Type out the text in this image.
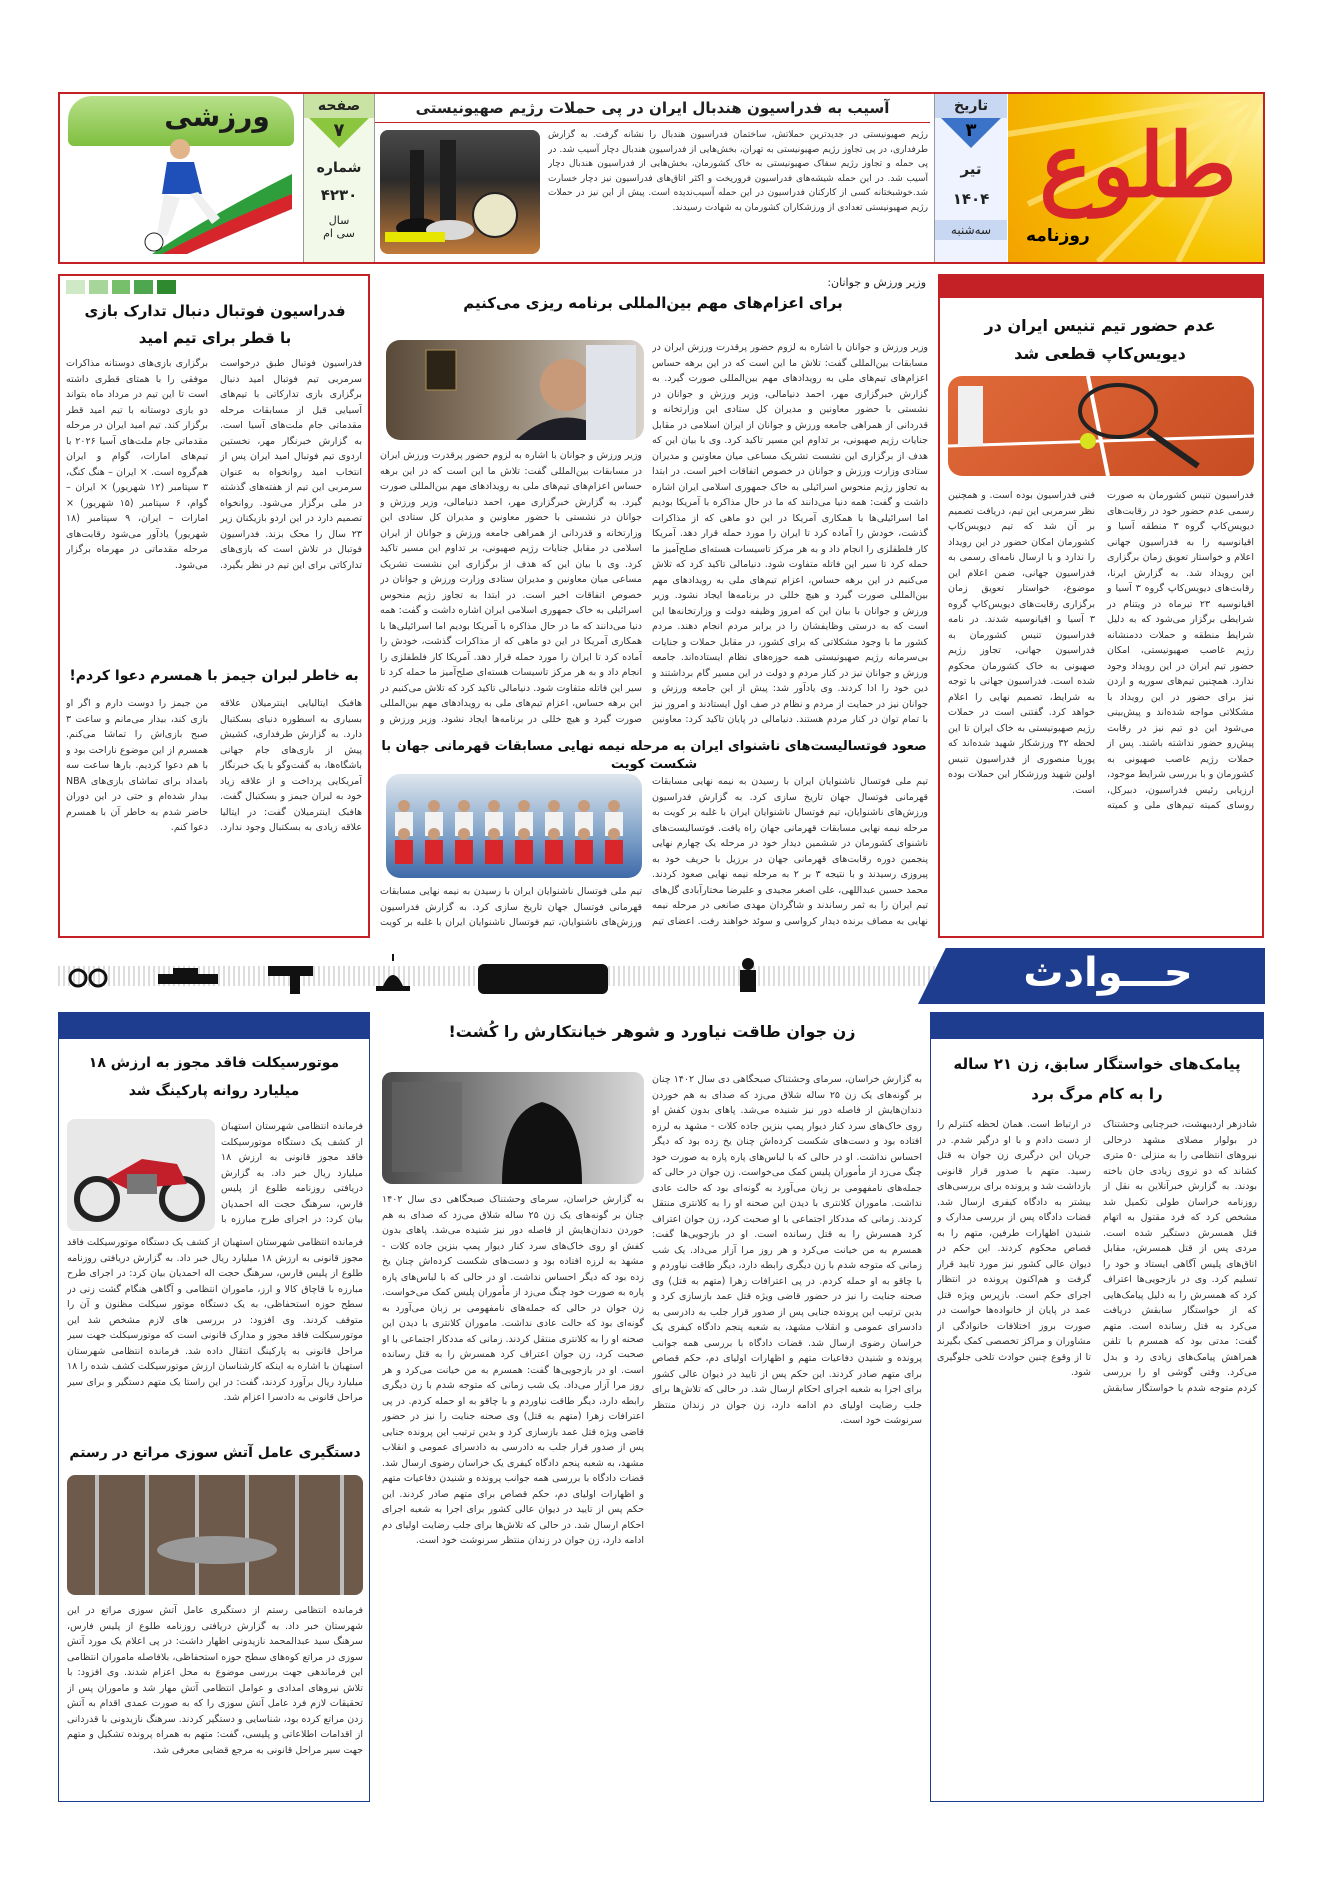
طلوع
روزنامه
تاریخ
۳
تیر
۱۴۰۴
سه‌شنبه
آسیب به فدراسیون هندبال ایران در پی حملات رژیم صهیونیستی
رژیم صهیونیستی در جدیدترین حملاتش، ساختمان فدراسیون هندبال را نشانه گرفت. به گزارش طرفداری، در پی تجاوز رژیم صهیونیستی به تهران، بخش‌هایی از فدراسیون هندبال دچار آسیب شد. در پی حمله و تجاوز رژیم سفاک صهیونیستی به خاک کشورمان، بخش‌هایی از فدراسیون هندبال دچار آسیب شد. در این حمله شیشه‌های فدراسیون فروریخت و اکثر اتاق‌های فدراسیون نیز دچار خسارت شد.خوشبختانه کسی از کارکنان فدراسیون در این حمله آسیب‌ندیده است. پیش از این نیز در حملات رژیم صهیونیستی تعدادی از ورزشکاران کشورمان به شهادت رسیدند.
صفحه
۷
شماره
۴۲۳۰
سال
سی ام
ورزشی
عدم حضور تیم تنیس ایران در دیویس‌کاپ قطعی شد
فدراسیون تنیس کشورمان به صورت رسمی عدم حضور خود در رقابت‌های دیویس‌کاپ گروه ۳ منطقه آسیا و اقیانوسیه را به فدراسیون جهانی اعلام و خواستار تعویق زمان برگزاری این رویداد شد. به گزارش ایرنا، رقابت‌های دیویس‌کاپ گروه ۳ آسیا و اقیانوسیه ۲۳ تیرماه در ویتنام در شرایطی برگزار می‌شود که به دلیل شرایط منطقه و حملات دد‌منشانه رژیم غاصب صهیونیستی، امکان حضور تیم ایران در این رویداد وجود ندارد. همچنین تیم‌های سوریه و اردن نیز برای حضور در این رویداد با مشکلاتی مواجه شده‌اند و پیش‌بینی می‌شود این دو تیم نیز در رقابت پیش‌رو حضور نداشته باشند. پس از حملات رژیم غاصب صهیونی به کشورمان و با بررسی شرایط موجود، ارزیابی رئیس فدراسیون، دبیرکل، روسای کمیته تیم‌های ملی و کمیته فنی فدراسیون بوده است. و همچنین نظر سرمربی این تیم، دریافت تصمیم بر آن شد که تیم دیویس‌کاپ کشورمان امکان حضور در این رویداد را ندارد و با ارسال نامه‌ای رسمی به فدراسیون جهانی، ضمن اعلام این موضوع، خواستار تعویق زمان برگزاری رقابت‌های دیویس‌کاپ گروه ۳ آسیا و اقیانوسیه شدند. در نامه فدراسیون تنیس کشورمان به فدراسیون جهانی، تجاوز رژیم صهیونی به خاک کشورمان محکوم شده است. فدراسیون جهانی با توجه به شرایط، تصمیم نهایی را اعلام خواهد کرد. گفتنی است در حملات رژیم صهیونیستی به خاک ایران تا این لحظه ۳۲ ورزشکار شهید شده‌اند که پوریا منصوری از فدراسیون تنیس اولین شهید ورزشکار این حملات بوده است.
وزیر ورزش و جوانان:
برای اعزام‌های مهم بین‌المللی برنامه ریزی می‌کنیم
وزیر ورزش و جوانان با اشاره به لزوم حضور پرقدرت ورزش ایران در مسابقات بین‌المللی گفت: تلاش ما این است که در این برهه حساس اعزام‌های تیم‌های ملی به رویدادهای مهم بین‌المللی صورت گیرد. به گزارش خبرگزاری مهر، احمد دنیامالی، وزیر ورزش و جوانان در نشستی با حضور معاونین و مدیران کل ستادی این وزارتخانه و قدردانی از همراهی جامعه ورزش و جوانان از ایران اسلامی در مقابل جنایات رژیم صهیونی، بر تداوم این مسیر تاکید کرد. وی با بیان این که هدف از برگزاری این نشست تشریک مساعی میان معاونین و مدیران ستادی وزارت ورزش و جوانان در خصوص اتفاقات اخیر است. در ابتدا به تجاوز رژیم منحوس اسرائیلی به خاک جمهوری اسلامی ایران اشاره داشت و گفت: همه دنیا می‌دانند که ما در حال مذاکره با آمریکا بودیم اما اسرائیلی‌ها با همکاری آمریکا در این دو ماهی که از مذاکرات گذشت، خودش را آماده کرد تا ایران را مورد حمله قرار دهد. آمریکا کار فلطفلزی را انجام داد و به هر مرکز تاسیسات هسته‌ای صلح‌آمیز ما حمله کرد تا سیر این فاتله متفاوت شود. دنیامالی تاکید کرد که تلاش می‌کنیم در این برهه حساس، اعزام تیم‌های ملی به رویدادهای مهم بین‌المللی صورت گیرد و هیچ خللی در برنامه‌ها ایجاد نشود. وزیر ورزش و جوانان با بیان این که امروز وظیفه دولت و وزارتخانه‌ها این است که به درستی وظایفشان را در برابر مردم انجام دهند. مردم کشور ما با وجود مشکلاتی که برای کشور، در مقابل حملات و جنایات بی‌سرمانه رژیم صهیونیستی همه حوزه‌های نظام ایستاده‌اند. جامعه ورزش و جوانان نیز در کنار مردم و دولت در این مسیر گام برداشتند و دین خود را ادا کردند. وی یادآور شد: پیش از این جامعه ورزش و جوانان نیز در حمایت از مردم و نظام در صف اول ایستادند و امروز نیز با تمام توان در کنار مردم هستند. دنیامالی در پایان تاکید کرد: معاونین
وزیر ورزش و جوانان با اشاره به لزوم حضور پرقدرت ورزش ایران در مسابقات بین‌المللی گفت: تلاش ما این است که در این برهه حساس اعزام‌های تیم‌های ملی به رویدادهای مهم بین‌المللی صورت گیرد. به گزارش خبرگزاری مهر، احمد دنیامالی، وزیر ورزش و جوانان در نشستی با حضور معاونین و مدیران کل ستادی این وزارتخانه و قدردانی از همراهی جامعه ورزش و جوانان از ایران اسلامی در مقابل جنایات رژیم صهیونی، بر تداوم این مسیر تاکید کرد. وی با بیان این که هدف از برگزاری این نشست تشریک مساعی میان معاونین و مدیران ستادی وزارت ورزش و جوانان در خصوص اتفاقات اخیر است. در ابتدا به تجاوز رژیم منحوس اسرائیلی به خاک جمهوری اسلامی ایران اشاره داشت و گفت: همه دنیا می‌دانند که ما در حال مذاکره با آمریکا بودیم اما اسرائیلی‌ها با همکاری آمریکا در این دو ماهی که از مذاکرات گذشت، خودش را آماده کرد تا ایران را مورد حمله قرار دهد. آمریکا کار فلطفلزی را انجام داد و به هر مرکز تاسیسات هسته‌ای صلح‌آمیز ما حمله کرد تا سیر این فاتله متفاوت شود. دنیامالی تاکید کرد که تلاش می‌کنیم در این برهه حساس، اعزام تیم‌های ملی به رویدادهای مهم بین‌المللی صورت گیرد و هیچ خللی در برنامه‌ها ایجاد نشود. وزیر ورزش و
صعود فوتسالیست‌های ناشنوای ایران به مرحله نیمه نهایی مسابقات قهرمانی جهان با شکست کویت
تیم ملی فوتسال ناشنوایان ایران با رسیدن به نیمه نهایی مسابقات قهرمانی فوتسال جهان تاریخ سازی کرد. به گزارش فدراسیون ورزش‌های ناشنوایان، تیم فوتسال ناشنوایان ایران با غلبه بر کویت به مرحله نیمه نهایی مسابقات قهرمانی جهان راه یافت. فوتسالیست‌های ناشنوای کشورمان در ششمین دیدار خود در مرحله یک چهارم نهایی پنجمین دوره رقابت‌های قهرمانی جهان در برزیل با حریف خود به پیروزی رسیدند و با نتیجه ۳ بر ۲ به مرحله نیمه نهایی صعود کردند. محمد حسین عبداللهی، علی اصغر مجیدی و علیرضا مختارآبادی گل‌های تیم ایران را به ثمر رساندند و شاگردان مهدی صانعی در مرحله نیمه نهایی به مصاف برنده دیدار کرواسی و سوئد خواهند رفت. اعضای تیم
تیم ملی فوتسال ناشنوایان ایران با رسیدن به نیمه نهایی مسابقات قهرمانی فوتسال جهان تاریخ سازی کرد. به گزارش فدراسیون ورزش‌های ناشنوایان، تیم فوتسال ناشنوایان ایران با غلبه بر کویت
فدراسیون فوتبال دنبال تدارک بازی با قطر برای تیم امید
فدراسیون فوتبال طبق درخواست سرمربی تیم فوتبال امید دنبال برگزاری بازی تدارکاتی با تیم‌های آسیایی قبل از مسابقات مرحله مقدماتی جام ملت‌های آسیا است. به گزارش خبرنگار مهر، نخستین اردوی تیم فوتبال امید ایران پس از انتخاب امید روانخواه به عنوان سرمربی این تیم از هفته‌های گذشته در ملی برگزار می‌شود. روانخواه تصمیم دارد در این اردو بازیکنان زیر ۲۳ سال را محک بزند. فدراسیون فوتبال در تلاش است که بازی‌های تدارکاتی برای این تیم در نظر بگیرد. برگزاری بازی‌های دوستانه مذاکرات موفقی را با همتای قطری داشته است تا این تیم در مرداد ماه بتواند دو بازی دوستانه با تیم امید قطر برگزار کند. تیم امید ایران در مرحله مقدماتی جام ملت‌های آسیا ۲۰۲۶ با تیم‌های امارات، گوام و ایران هم‌گروه است. × ایران – هنگ کنگ، ۳ سپتامبر (۱۲ شهریور) × ایران – گوام، ۶ سپتامبر (۱۵ شهریور) × امارات – ایران، ۹ سپتامبر (۱۸ شهریور) یادآور می‌شود رقابت‌های مرحله مقدماتی در مهرماه برگزار می‌شود.
به خاطر لبران جیمز با همسرم دعوا کردم!
هافبک ایتالیایی اینترمیلان علاقه بسیاری به اسطوره دنیای بسکتبال دارد. به گزارش طرفداری، کشیش پیش از بازی‌های جام جهانی باشگاه‌ها، به گفت‌وگو با یک خبرنگار آمریکایی پرداخت و از علاقه زیاد خود به لبران جیمز و بسکتبال گفت. هافبک اینترمیلان گفت: در ایتالیا علاقه زیادی به بسکتبال وجود ندارد. من جیمز را دوست دارم و اگر او بازی کند، بیدار می‌مانم و ساعت ۳ صبح بازی‌اش را تماشا می‌کنم. همسرم از این موضوع ناراحت بود و با هم دعوا کردیم. بارها ساعت سه بامداد برای تماشای بازی‌های NBA بیدار شده‌ام و حتی در این دوران حاضر شدم به خاطر آن با همسرم دعوا کنم.
حـــوادث
پیامک‌های خواستگار سابق، زن ۲۱ ساله را به کام مرگ برد
شادزهر اردیبهشت، خبرچنایی وحشتناک در بولوار مصلای مشهد درحالی نیروهای انتظامی را به منزلی ۵۰ متری کشاند که دو تروی زیادی جان باخته بودند. به گزارش خبرآنلاین به نقل از روزنامه خراسان طولی تکمیل شد مشخص کرد که فرد مقتول به اتهام قتل همسرش دستگیر شده است. مردی پس از قتل همسرش، مقابل اتاق‌های پلیس آگاهی ایستاد و خود را تسلیم کرد. وی در بازجویی‌ها اعتراف کرد که همسرش را به دلیل پیامک‌هایی که از خواستگار سابقش دریافت می‌کرد به قتل رسانده است. متهم گفت: مدتی بود که همسرم با تلفن همراهش پیامک‌های زیادی رد و بدل می‌کرد. وقتی گوشی او را بررسی کردم متوجه شدم با خواستگار سابقش در ارتباط است. همان لحظه کنترلم را از دست دادم و با او درگیر شدم. در جریان این درگیری زن جوان به قتل رسید. متهم با صدور قرار قانونی بازداشت شد و پرونده برای بررسی‌های بیشتر به دادگاه کیفری ارسال شد. قضات دادگاه پس از بررسی مدارک و شنیدن اظهارات طرفین، متهم را به قصاص محکوم کردند. این حکم در دیوان عالی کشور نیز مورد تایید قرار گرفت و هم‌اکنون پرونده در انتظار اجرای حکم است. بازپرس ویژه قتل عمد در پایان از خانواده‌ها خواست در صورت بروز اختلافات خانوادگی از مشاوران و مراکز تخصصی کمک بگیرند تا از وقوع چنین حوادث تلخی جلوگیری شود.
زن جوان طاقت نیاورد و شوهر خیانتکارش را کُشت!
به گزارش خراسان، سرمای وحشتناک صبحگاهی دی سال ۱۴۰۲ چنان بر گونه‌های یک زن ۲۵ ساله شلاق می‌زد که صدای به هم خوردن دندان‌هایش از فاصله دور نیز شنیده می‌شد. پاهای بدون کفش او روی خاک‌های سرد کنار دیوار پمپ بنزین جاده کلات - مشهد به لرزه افتاده بود و دست‌های شکست کرده‌اش چنان یخ زده بود که دیگر احساس نداشت. او در حالی که با لباس‌های پاره پاره به صورت خود چنگ می‌زد از مأموران پلیس کمک می‌خواست. زن جوان در حالی که جمله‌های نامفهومی بر زبان می‌آورد به گونه‌ای بود که حالت عادی نداشت. ماموران کلانتری با دیدن این صحنه او را به کلانتری منتقل کردند. زمانی که مددکار اجتماعی با او صحبت کرد، زن جوان اعتراف کرد همسرش را به قتل رسانده است. او در بازجویی‌ها گفت: همسرم به من خیانت می‌کرد و هر روز مرا آزار می‌داد. یک شب زمانی که متوجه شدم با زن دیگری رابطه دارد، دیگر طاقت نیاوردم و با چاقو به او حمله کردم. در پی اعترافات زهرا (متهم به قتل) وی صحنه جنایت را نیز در حضور قاضی ویژه قتل عمد بازسازی کرد و بدین ترتیب این پرونده جنایی پس از صدور قرار جلب به دادرسی به دادسرای عمومی و انقلاب مشهد، به شعبه پنجم دادگاه کیفری یک خراسان رضوی ارسال شد. قضات دادگاه با بررسی همه جوانب پرونده و شنیدن دفاعیات متهم و اظهارات اولیای دم، حکم قصاص برای متهم صادر کردند. این حکم پس از تایید در دیوان عالی کشور برای اجرا به شعبه اجرای احکام ارسال شد. در حالی که تلاش‌ها برای جلب رضایت اولیای دم ادامه دارد، زن جوان در زندان منتظر سرنوشت خود است.
به گزارش خراسان، سرمای وحشتناک صبحگاهی دی سال ۱۴۰۲ چنان بر گونه‌های یک زن ۲۵ ساله شلاق می‌زد که صدای به هم خوردن دندان‌هایش از فاصله دور نیز شنیده می‌شد. پاهای بدون کفش او روی خاک‌های سرد کنار دیوار پمپ بنزین جاده کلات - مشهد به لرزه افتاده بود و دست‌های شکست کرده‌اش چنان یخ زده بود که دیگر احساس نداشت. او در حالی که با لباس‌های پاره پاره به صورت خود چنگ می‌زد از مأموران پلیس کمک می‌خواست. زن جوان در حالی که جمله‌های نامفهومی بر زبان می‌آورد به گونه‌ای بود که حالت عادی نداشت. ماموران کلانتری با دیدن این صحنه او را به کلانتری منتقل کردند. زمانی که مددکار اجتماعی با او صحبت کرد، زن جوان اعتراف کرد همسرش را به قتل رسانده است. او در بازجویی‌ها گفت: همسرم به من خیانت می‌کرد و هر روز مرا آزار می‌داد. یک شب زمانی که متوجه شدم با زن دیگری رابطه دارد، دیگر طاقت نیاوردم و با چاقو به او حمله کردم. در پی اعترافات زهرا (متهم به قتل) وی صحنه جنایت را نیز در حضور قاضی ویژه قتل عمد بازسازی کرد و بدین ترتیب این پرونده جنایی پس از صدور قرار جلب به دادرسی به دادسرای عمومی و انقلاب مشهد، به شعبه پنجم دادگاه کیفری یک خراسان رضوی ارسال شد. قضات دادگاه با بررسی همه جوانب پرونده و شنیدن دفاعیات متهم و اظهارات اولیای دم، حکم قصاص برای متهم صادر کردند. این حکم پس از تایید در دیوان عالی کشور برای اجرا به شعبه اجرای احکام ارسال شد. در حالی که تلاش‌ها برای جلب رضایت اولیای دم ادامه دارد، زن جوان در زندان منتظر سرنوشت خود است.
موتورسیکلت فاقد مجوز به ارزش ۱۸ میلیارد روانه پارکینگ شد
فرمانده انتظامی شهرستان استهبان از کشف یک دستگاه موتورسیکلت فاقد مجوز قانونی به ارزش ۱۸ میلیارد ریال خبر داد. به گزارش دریافتی روزنامه طلوع از پلیس فارس، سرهنگ حجت اله احمدیان بیان کرد: در اجرای طرح مبارزه با
فرمانده انتظامی شهرستان استهبان از کشف یک دستگاه موتورسیکلت فاقد مجوز قانونی به ارزش ۱۸ میلیارد ریال خبر داد. به گزارش دریافتی روزنامه طلوع از پلیس فارس، سرهنگ حجت اله احمدیان بیان کرد: در اجرای طرح مبارزه با قاچاق کالا و ارز، ماموران انتظامی و آگاهی هنگام گشت زنی در سطح حوزه استحفاظی، به یک دستگاه موتور سیکلت مظنون و آن را متوقف کردند. وی افزود: در بررسی های لازم مشخص شد این موتورسیکلت فاقد مجوز و مدارک قانونی است که موتورسیکلت جهت سیر مراحل قانونی به پارکینگ انتقال داده شد. فرمانده انتظامی شهرستان استهبان با اشاره به اینکه کارشناسان ارزش موتورسیکلت کشف شده را ۱۸ میلیارد ریال برآورد کردند، گفت: در این راستا یک متهم دستگیر و برای سیر مراحل قانونی به دادسرا اعزام شد.
دستگیری عامل آتش سوزی مراتع در رستم
فرمانده انتظامی رستم از دستگیری عامل آتش سوزی مراتع در این شهرستان خبر داد. به گزارش دریافتی روزنامه طلوع از پلیس فارس، سرهنگ سید عبدالمحمد نازیدونی اظهار داشت: در پی اعلام یک مورد آتش سوزی در مراتع کوه‌های سطح حوزه استحفاظی، بلافاصله ماموران انتظامی این فرماندهی جهت بررسی موضوع به محل اعزام شدند. وی افزود: با تلاش نیروهای امدادی و عوامل انتظامی آتش مهار شد و ماموران پس از تحقیقات لازم فرد عامل آتش سوزی را که به صورت عمدی اقدام به آتش زدن مراتع کرده بود، شناسایی و دستگیر کردند. سرهنگ نازیدونی با قدردانی از اقدامات اطلاعاتی و پلیسی، گفت: متهم به همراه پرونده تشکیل و متهم جهت سیر مراحل قانونی به مرجع قضایی معرفی شد.
